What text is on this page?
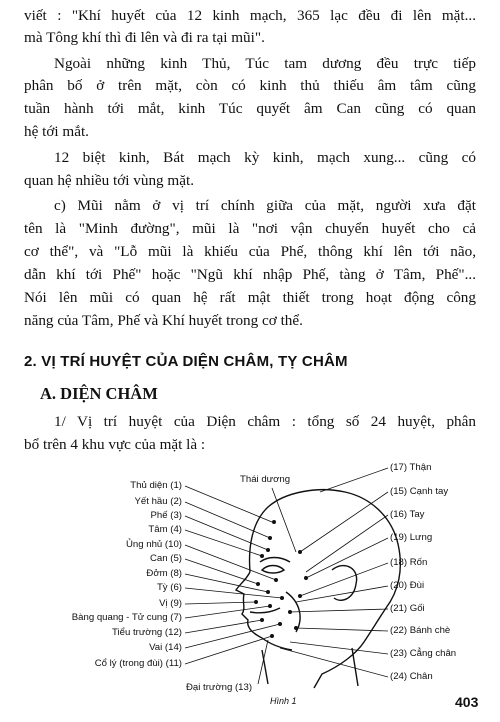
viết : "Khí huyết của 12 kinh mạch, 365 lạc đều đi lên mặt...
mà Tông khí thì đi lên và đi ra tại mũi".
Ngoài những kinh Thủ, Túc tam dương đều trực tiếp
phân bố ở trên mặt, còn có kinh thủ thiếu âm tâm cũng
tuần hành tới mắt, kinh Túc quyết âm Can cũng có quan
hệ tới mắt.
12 biệt kinh, Bát mạch kỳ kinh, mạch xung... cũng có
quan hệ nhiều tới vùng mặt.
c) Mũi nằm ở vị trí chính giữa của mặt, người xưa đặt
tên là "Minh đường", mũi là "nơi vận chuyển huyết cho cả
cơ thể", và "Lỗ mũi là khiếu của Phế, thông khí lên tới não,
dẫn khí tới Phế" hoặc "Ngũ khí nhập Phế, tàng ở Tâm, Phế"...
Nói lên mũi có quan hệ rất mật thiết trong hoạt động công
năng của Tâm, Phế và Khí huyết trong cơ thể.
2. VỊ TRÍ HUYỆT CỦA DIỆN CHÂM, TỴ CHÂM
A. DIỆN CHÂM
1/ Vị trí huyệt của Diện châm : tổng số 24 huyệt, phân
bổ trên 4 khu vực của mặt là :
Thái dương
Thủ diện (1)
Yết hầu (2)
Phế (3)
Tâm (4)
Ủng nhủ (10)
Can (5)
Đởm (8)
Tỳ (6)
Vị (9)
Bàng quang - Tử cung (7)
Tiểu trường (12)
Vai (14)
Cổ lý (trong đùi) (11)
(17) Thận
(15) Cạnh tay
(16) Tay
(19) Lưng
(18) Rốn
(20) Đùi
(21) Gối
(22) Bánh chè
(23) Cẳng chân
(24) Chân
Đại trường (13)
Hình 1	403
